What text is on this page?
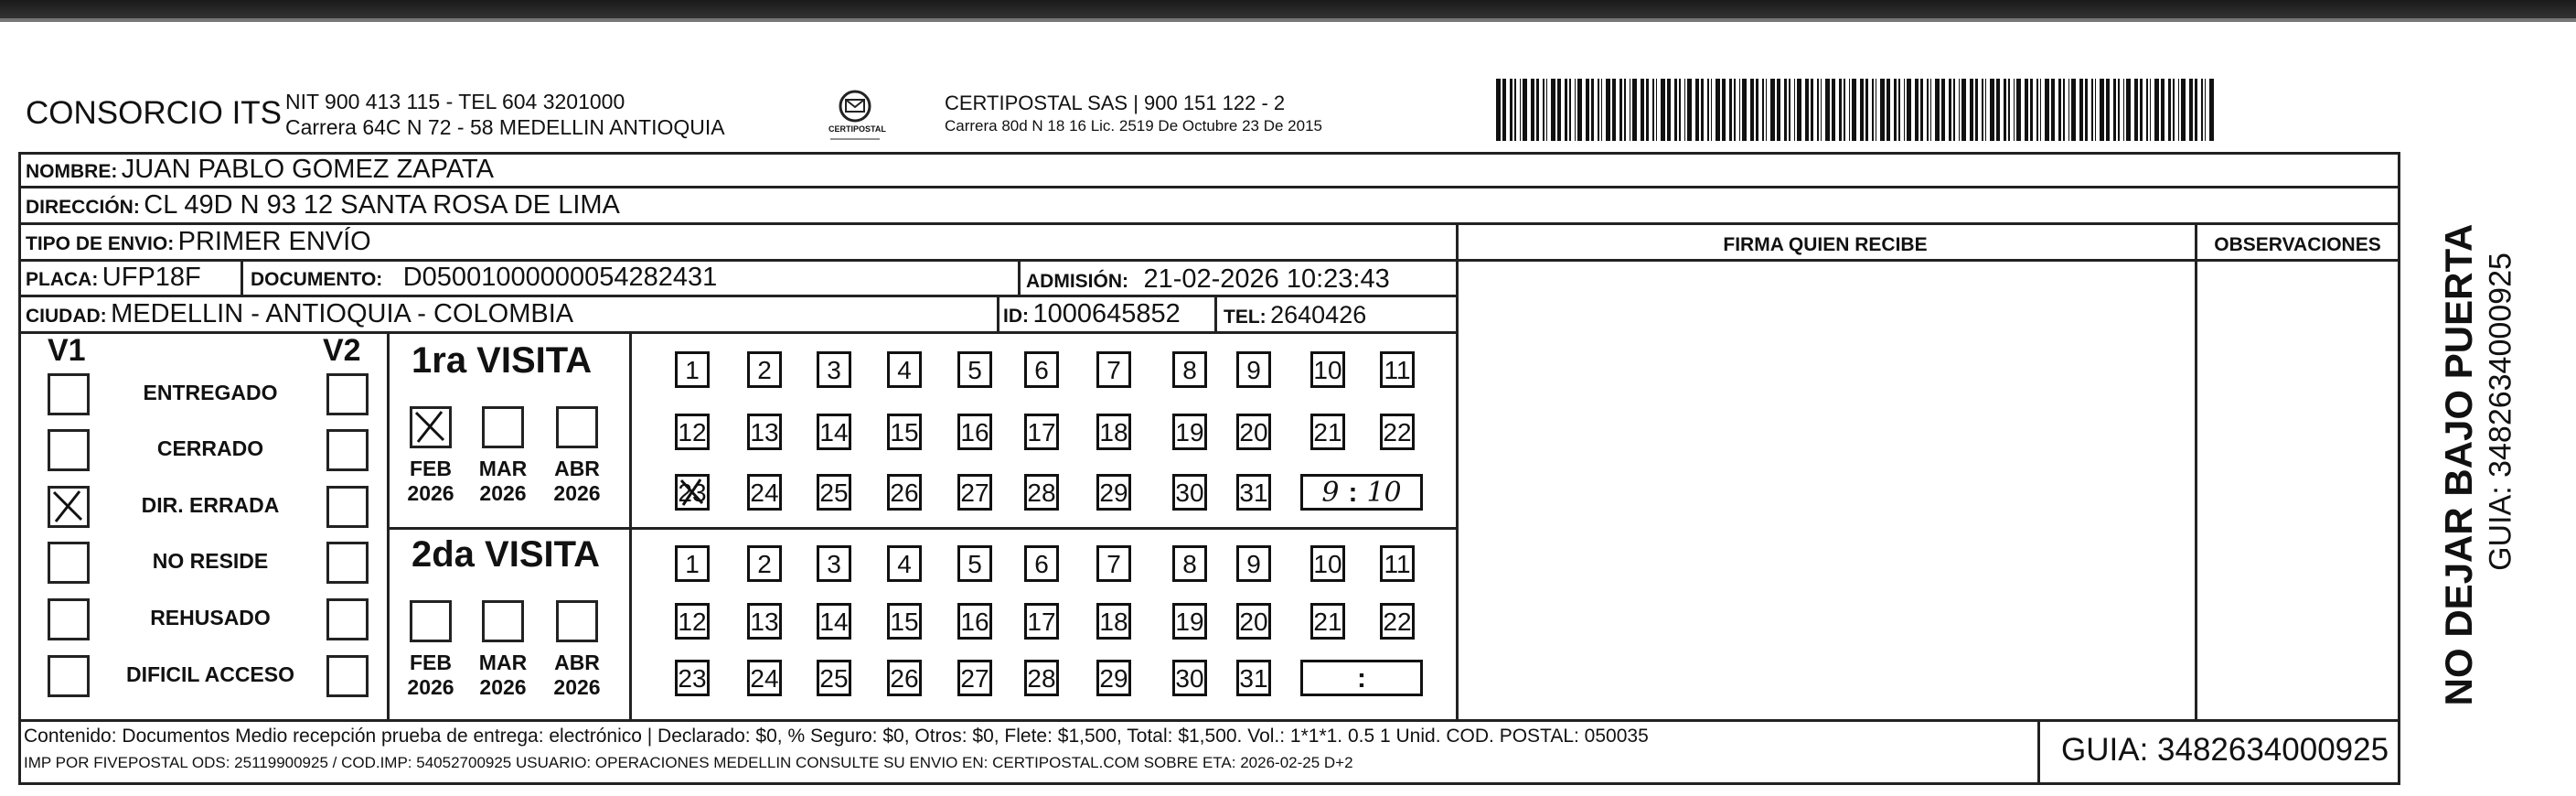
CONSORCIO ITS NIT 900 413 115 - TEL 604 3201000
Carrera 64C N 72 - 58 MEDELLIN ANTIOQUIA	CERTIPOSTAL
CERTIPOSTAL SAS | 900 151 122 - 2
Carrera 80d N 18 16 Lic. 2519 De Octubre 23 De 2015
NOMBRE: JUAN PABLO GOMEZ ZAPATA
DIRECCIÓN: CL 49D N 93 12 SANTA ROSA DE LIMA
TIPO DE ENVIO: PRIMER ENVÍO	FIRMA QUIEN RECIBE	OBSERVACIONES
PLACA: UFP18F	DOCUMENTO: D05001000000054282431	ADMISIÓN: 21-02-2026 10:23:43
CIUDAD: MEDELLIN - ANTIOQUIA - COLOMBIA	ID: 1000645852 TEL: 2640426
V1	V2
ENTREGADO
CERRADO
DIR. ERRADA
NO RESIDE
REHUSADO
DIFICIL ACCESO
1ra VISITA
2da VISITA
FEB
2026
MAR
2026
ABR
2026
1	2	3	4	5	6	7	8	9	10 11
12 13 14 15 16 17 18 19 20 21 22
23 24 25 26 27 28 29 30 31	9 : 10
FEB
2026
MAR
2026
ABR
2026
1	2	3	4	5	6	7	8	9	10 11
12 13 14 15 16 17 18 19 20 21 22
23 24 25 26 27 28 29 30 31	:
Contenido: Documentos Medio recepción prueba de entrega: electrónico | Declarado: $0, % Seguro: $0, Otros: $0, Flete: $1,500, Total: $1,500. Vol.: 1*1*1. 0.5 1 Unid. COD. POSTAL: 050035
IMP POR FIVEPOSTAL ODS: 25119900925 / COD.IMP: 54052700925 USUARIO: OPERACIONES MEDELLIN CONSULTE SU ENVIO EN: CERTIPOSTAL.COM SOBRE ETA: 2026-02-25 D+2	GUIA: 3482634000925
NO DEJAR BAJO PUERTA GUIA: 3482634000925
